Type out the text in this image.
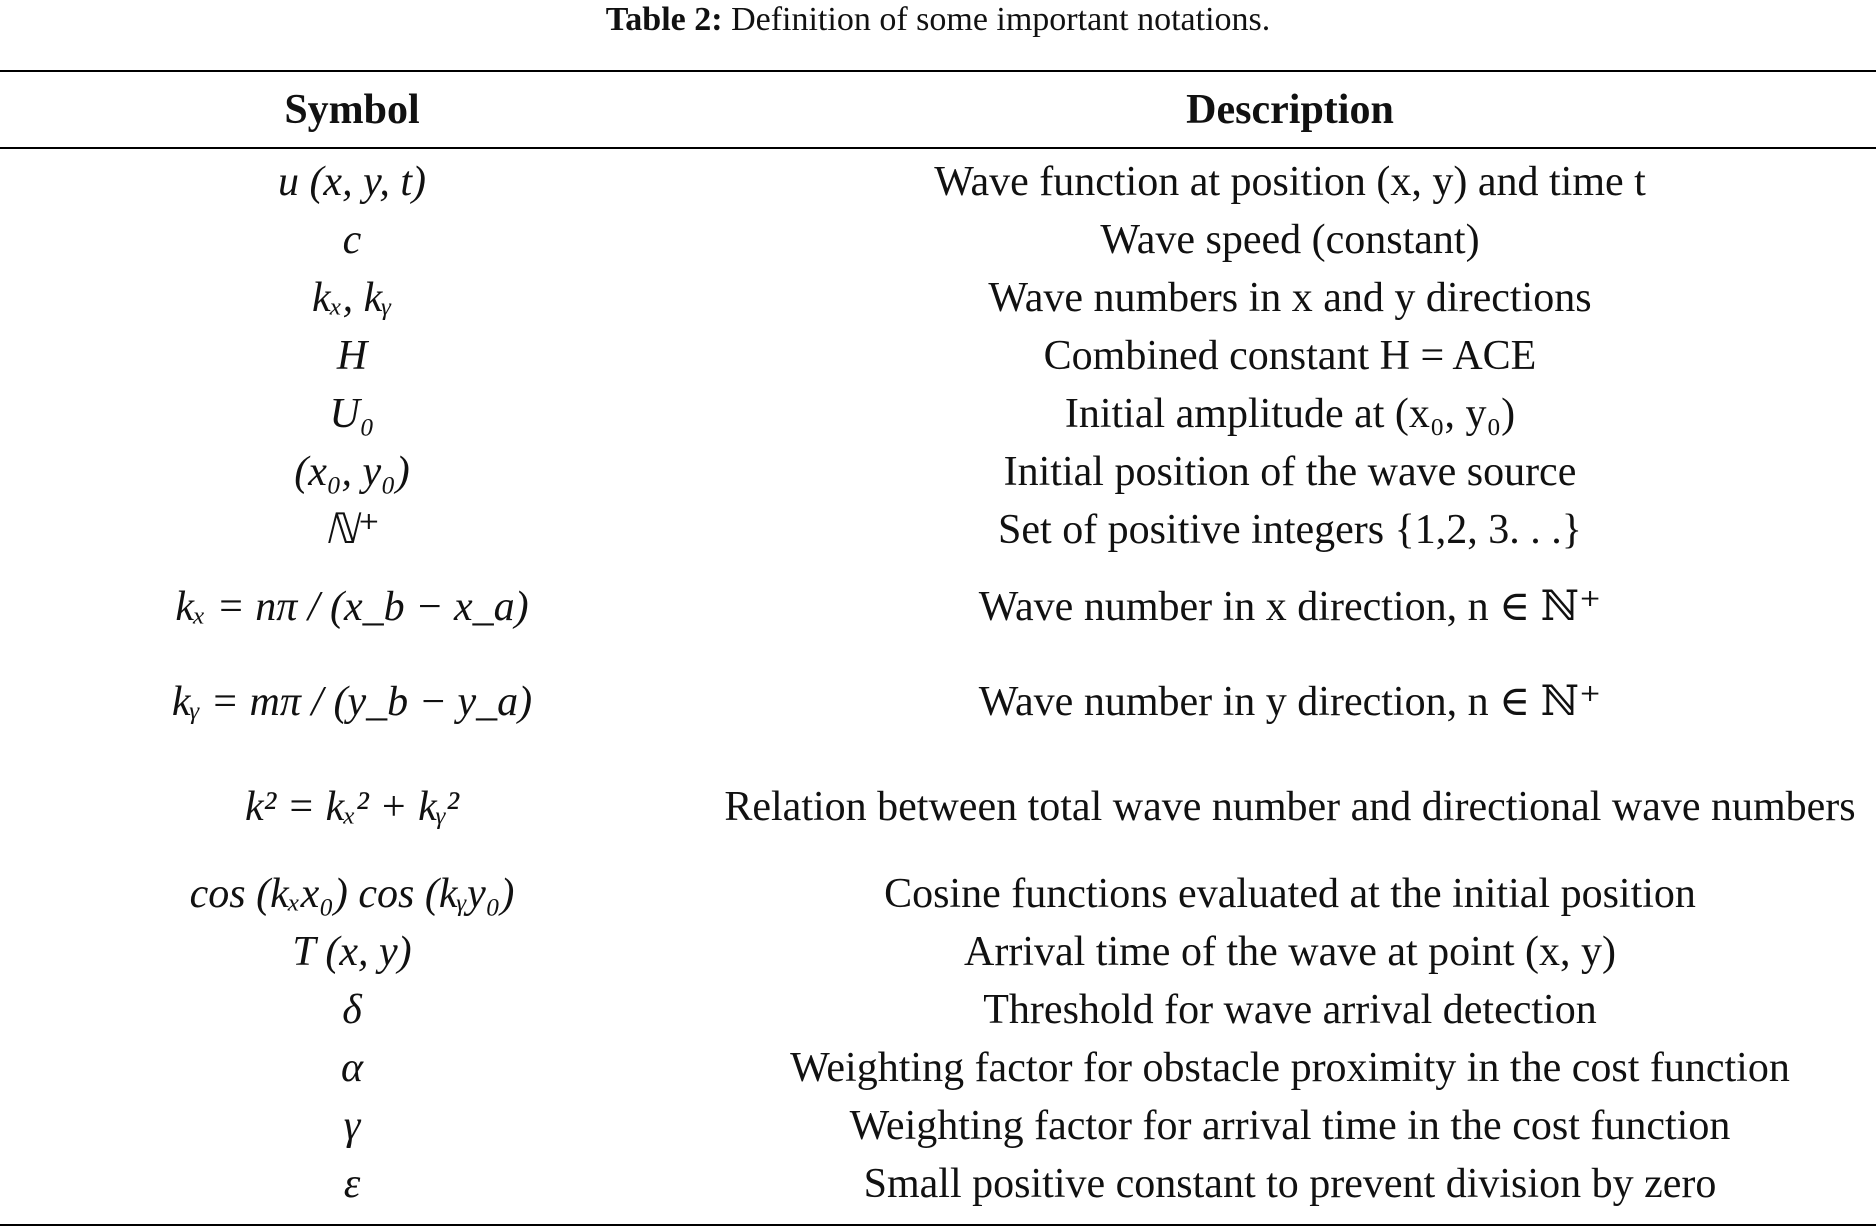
Table 2: Definition of some important notations.
Symbol	Description
u (x, y, t)	Wave function at position (x, y) and time t
c	Wave speed (constant)
kₓ, kᵧ	Wave numbers in x and y directions
H	Combined constant H = ACE
U₀	Initial amplitude at (x₀, y₀)
(x₀, y₀)	Initial position of the wave source
ℕ⁺	Set of positive integers {1,2, 3. . .}
kₓ = nπ / (x_b − x_a)	Wave number in x direction, n ∈ ℕ⁺
kᵧ = mπ / (y_b − y_a)	Wave number in y direction, n ∈ ℕ⁺
k² = kₓ² + kᵧ²	Relation between total wave number and directional wave numbers
cos (kₓx₀) cos (kᵧy₀)	Cosine functions evaluated at the initial position
T (x, y)	Arrival time of the wave at point (x, y)
δ	Threshold for wave arrival detection
α	Weighting factor for obstacle proximity in the cost function
γ	Weighting factor for arrival time in the cost function
ε	Small positive constant to prevent division by zero
